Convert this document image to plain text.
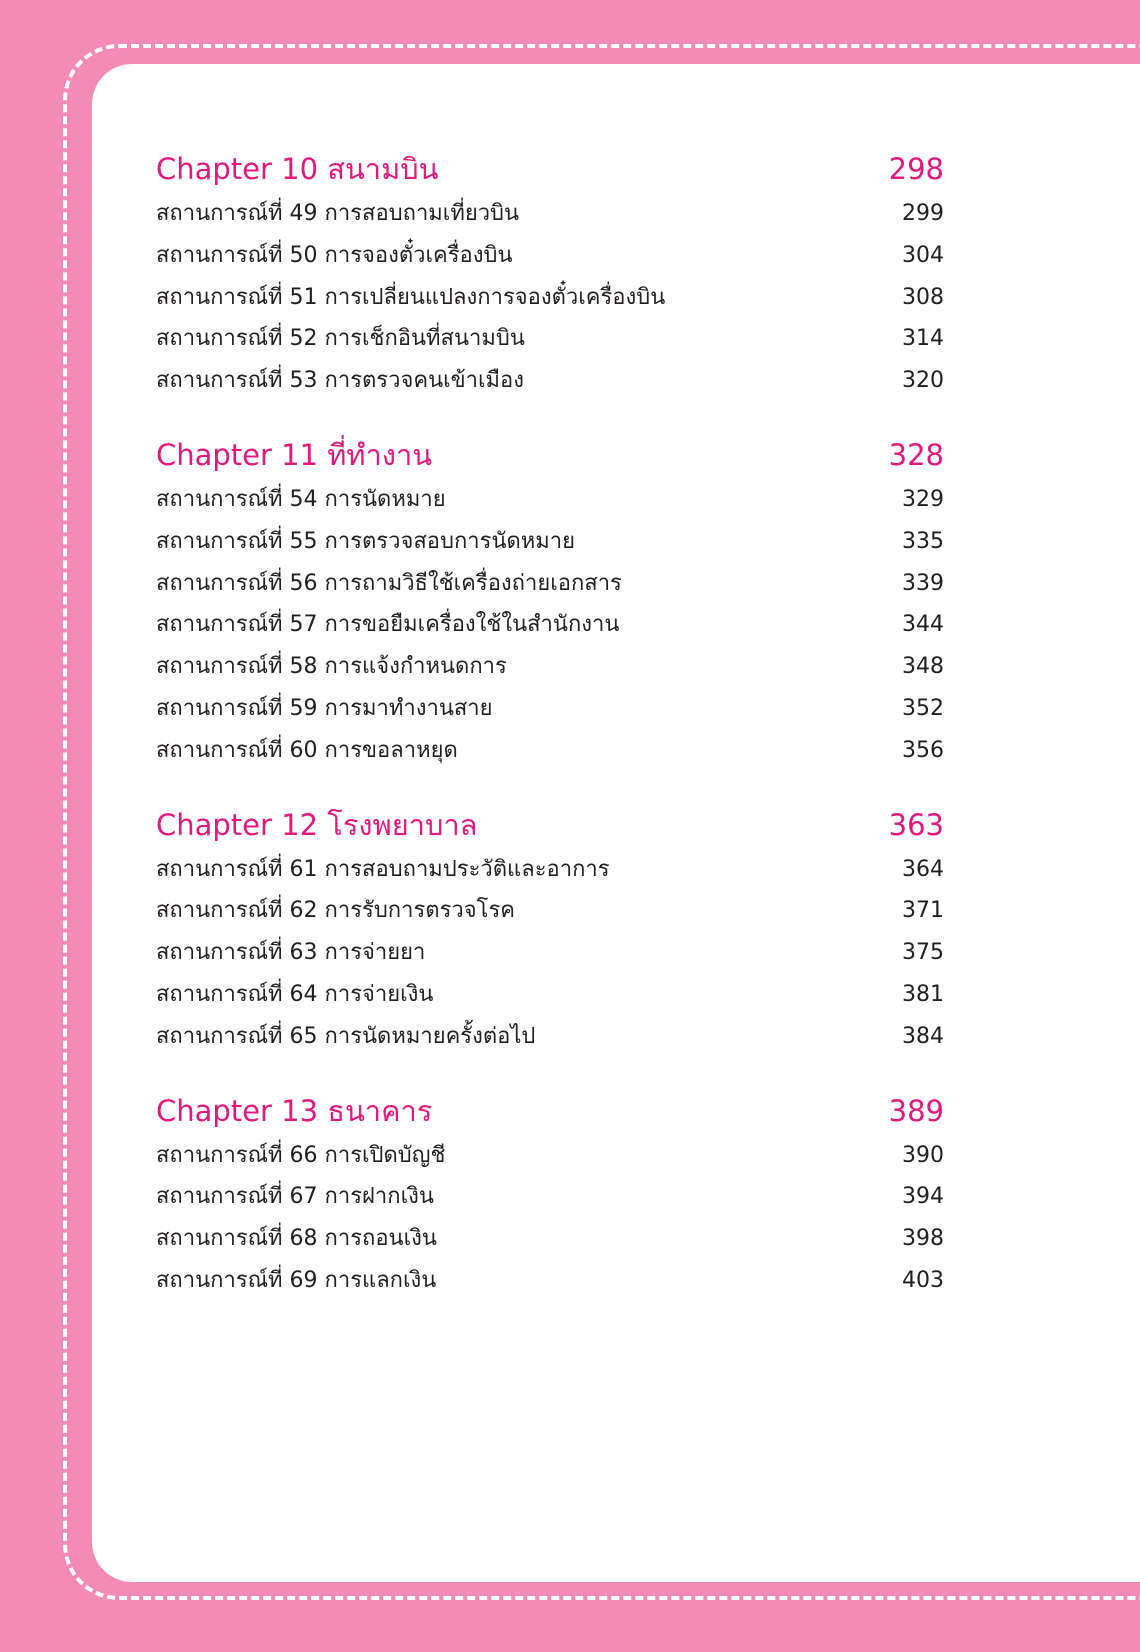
Chapter 10 สนามบิน	298
สถานการณ์ที่ 49 การสอบถามเที่ยวบิน	299
สถานการณ์ที่ 50 การจองตั๋วเครื่องบิน	304
สถานการณ์ที่ 51 การเปลี่ยนแปลงการจองตั๋วเครื่องบิน	308
สถานการณ์ที่ 52 การเช็กอินที่สนามบิน	314
สถานการณ์ที่ 53 การตรวจคนเข้าเมือง	320
Chapter 11 ที่ทำงาน	328
สถานการณ์ที่ 54 การนัดหมาย	329
สถานการณ์ที่ 55 การตรวจสอบการนัดหมาย	335
สถานการณ์ที่ 56 การถามวิธีใช้เครื่องถ่ายเอกสาร	339
สถานการณ์ที่ 57 การขอยืมเครื่องใช้ในสำนักงาน	344
สถานการณ์ที่ 58 การแจ้งกำหนดการ	348
สถานการณ์ที่ 59 การมาทำงานสาย	352
สถานการณ์ที่ 60 การขอลาหยุด	356
Chapter 12 โรงพยาบาล	363
สถานการณ์ที่ 61 การสอบถามประวัติและอาการ	364
สถานการณ์ที่ 62 การรับการตรวจโรค	371
สถานการณ์ที่ 63 การจ่ายยา	375
สถานการณ์ที่ 64 การจ่ายเงิน	381
สถานการณ์ที่ 65 การนัดหมายครั้งต่อไป	384
Chapter 13 ธนาคาร	389
สถานการณ์ที่ 66 การเปิดบัญชี	390
สถานการณ์ที่ 67 การฝากเงิน	394
สถานการณ์ที่ 68 การถอนเงิน	398
สถานการณ์ที่ 69 การแลกเงิน	403
